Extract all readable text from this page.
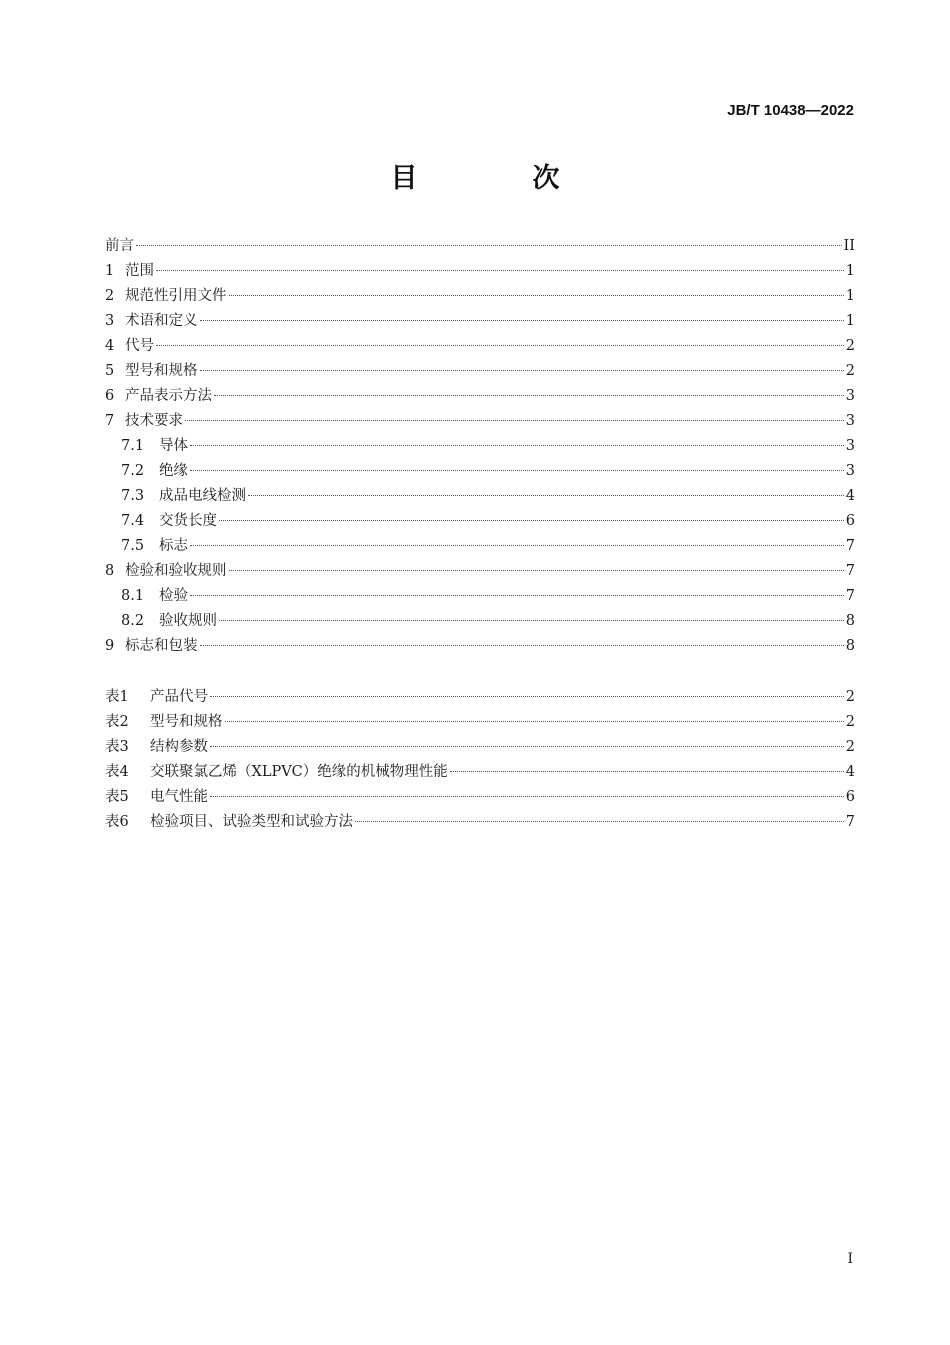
JB/T 10438—2022
目　次
前言	II
1 范围	1
2 规范性引用文件	1
3 术语和定义	1
4 代号	2
5 型号和规格	2
6 产品表示方法	3
7 技术要求	3
7.1	导体	3
7.2	绝缘	3
7.3	成品电线检测	4
7.4	交货长度	6
7.5	标志	7
8 检验和验收规则	7
8.1	检验	7
8.2	验收规则	8
9 标志和包装	8
表1	产品代号	2
表2	型号和规格	2
表3	结构参数	2
表4	交联聚氯乙烯（XLPVC）绝缘的机械物理性能	4
表5	电气性能	6
表6	检验项目、试验类型和试验方法	7
I
